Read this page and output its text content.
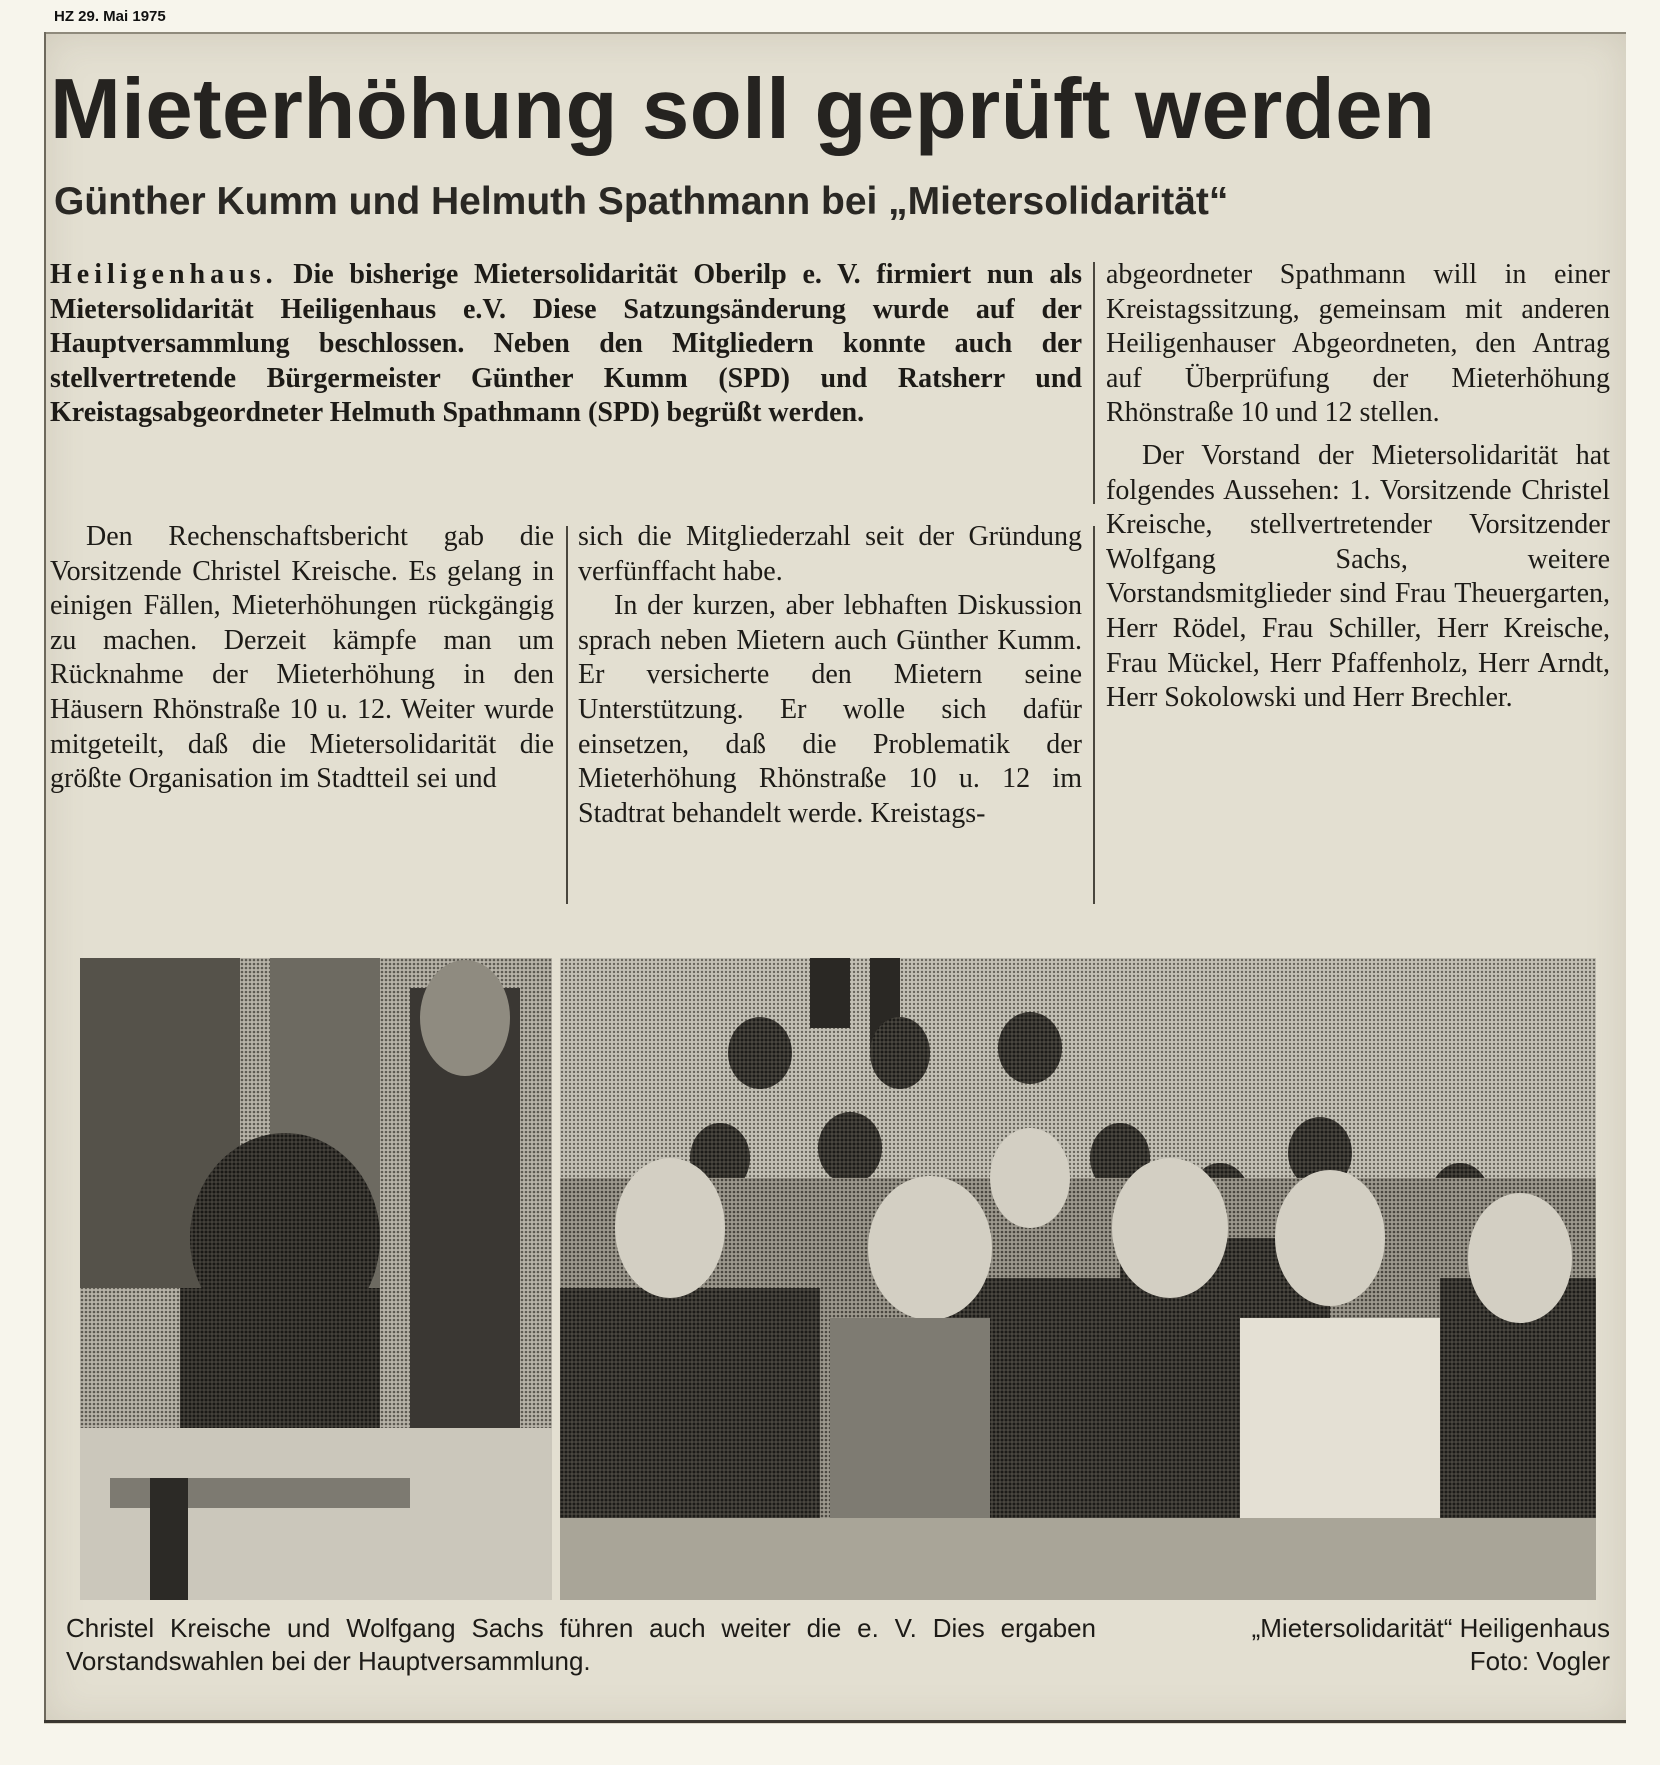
HZ 29. Mai 1975
Mieterhöhung soll geprüft werden
Günther Kumm und Helmuth Spathmann bei „Mietersolidarität“

Heiligenhaus. Die bisherige Mietersolidarität Oberilp e. V. firmiert nun als Mietersolidarität Heiligenhaus e.V. Diese Satzungsänderung wurde auf der Hauptversammlung beschlossen. Neben den Mitgliedern konnte auch der stellvertretende Bürgermeister Günther Kumm (SPD) und Ratsherr und Kreistagsabgeordneter Helmuth Spathmann (SPD) begrüßt werden.

Den Rechenschaftsbericht gab die Vorsitzende Christel Kreische. Es gelang in einigen Fällen, Mieterhöhungen rückgängig zu machen. Derzeit kämpfe man um Rücknahme der Mieterhöhung in den Häusern Rhönstraße 10 u. 12. Weiter wurde mitgeteilt, daß die Mietersolidarität die größte Organisation im Stadtteil sei und

sich die Mitgliederzahl seit der Gründung verfünffacht habe.

In der kurzen, aber lebhaften Diskussion sprach neben Mietern auch Günther Kumm. Er versicherte den Mietern seine Unterstützung. Er wolle sich dafür einsetzen, daß die Problematik der Mieterhöhung Rhönstraße 10 u. 12 im Stadtrat behandelt werde. Kreistags-

abgeordneter Spathmann will in einer Kreistagssitzung, gemeinsam mit anderen Heiligenhauser Abgeordneten, den Antrag auf Überprüfung der Mieterhöhung Rhönstraße 10 und 12 stellen.

Der Vorstand der Mietersolidarität hat folgendes Aussehen: 1. Vorsitzende Christel Kreische, stellvertretender Vorsitzender Wolfgang Sachs, weitere Vorstandsmitglieder sind Frau Theuergarten, Herr Rödel, Frau Schiller, Herr Kreische, Frau Mückel, Herr Pfaffenholz, Herr Arndt, Herr Sokolowski und Herr Brechler.

Christel Kreische und Wolfgang Sachs führen auch weiter die e. V. Dies ergaben Vorstandswahlen bei der Hauptversammlung.

„Mietersolidarität“ Heiligenhaus
Foto: Vogler
